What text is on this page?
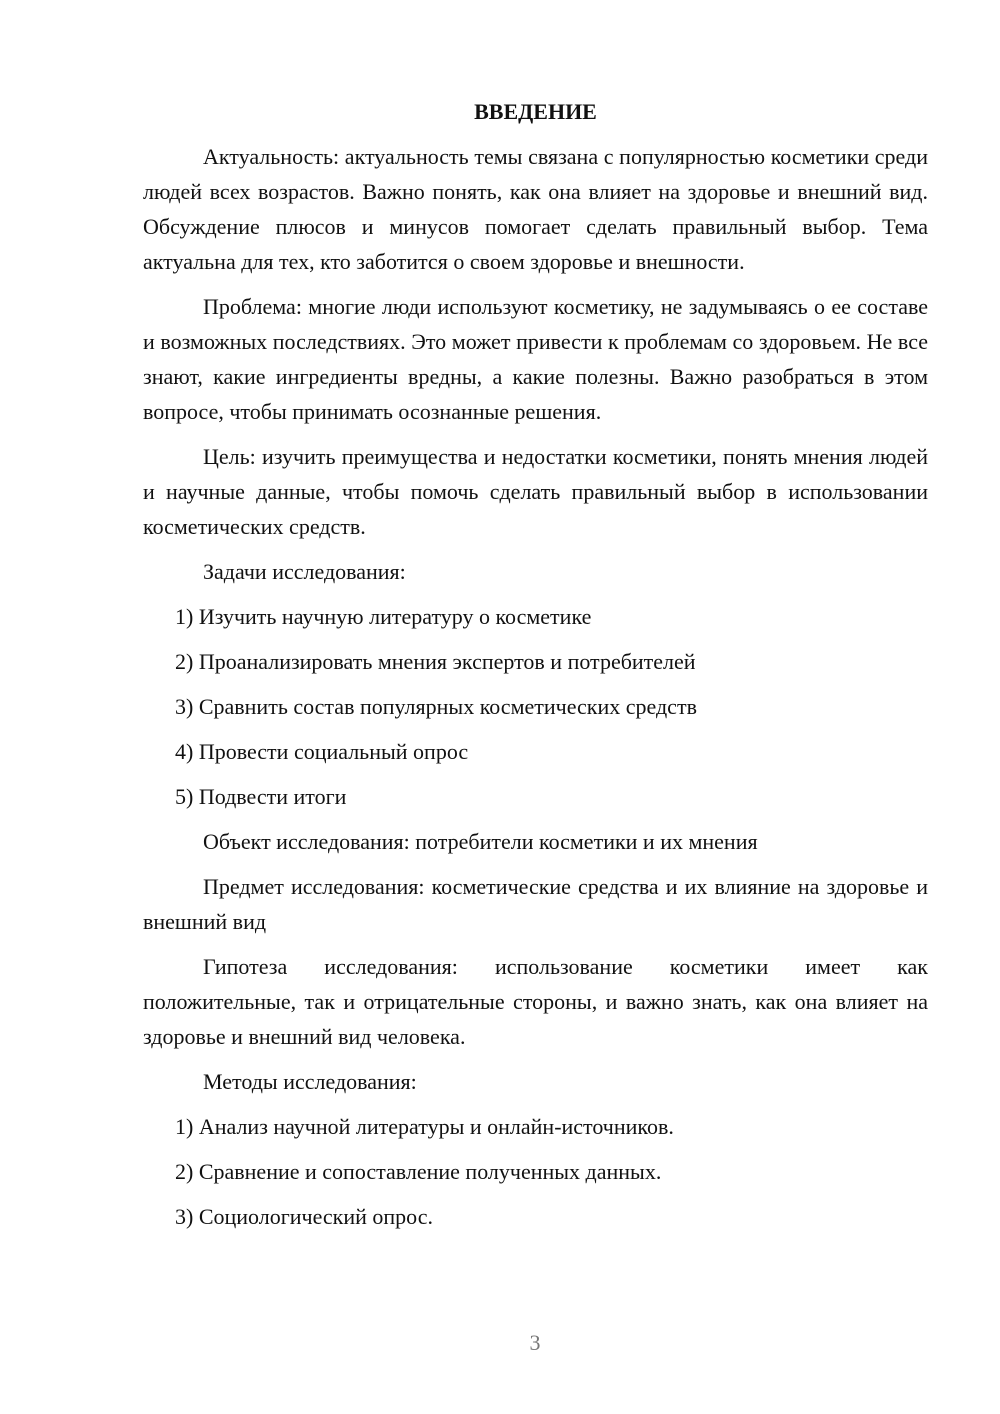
ВВЕДЕНИЕ
Актуальность: актуальность темы связана с популярностью косметики среди людей всех возрастов. Важно понять, как она влияет на здоровье и внешний вид. Обсуждение плюсов и минусов помогает сделать правильный выбор. Тема актуальна для тех, кто заботится о своем здоровье и внешности.
Проблема: многие люди используют косметику, не задумываясь о ее составе и возможных последствиях. Это может привести к проблемам со здоровьем. Не все знают, какие ингредиенты вредны, а какие полезны. Важно разобраться в этом вопросе, чтобы принимать осознанные решения.
Цель: изучить преимущества и недостатки косметики, понять мнения людей и научные данные, чтобы помочь сделать правильный выбор в использовании косметических средств.
Задачи исследования:
1) Изучить научную литературу о косметике
2) Проанализировать мнения экспертов и потребителей
3) Сравнить состав популярных косметических средств
4) Провести социальный опрос
5) Подвести итоги
Объект исследования: потребители косметики и их мнения
Предмет исследования: косметические средства и их влияние на здоровье и внешний вид
Гипотеза исследования: использование косметики имеет как положительные, так и отрицательные стороны, и важно знать, как она влияет на здоровье и внешний вид человека.
Методы исследования:
1) Анализ научной литературы и онлайн-источников.
2) Сравнение и сопоставление полученных данных.
3) Социологический опрос.
3
